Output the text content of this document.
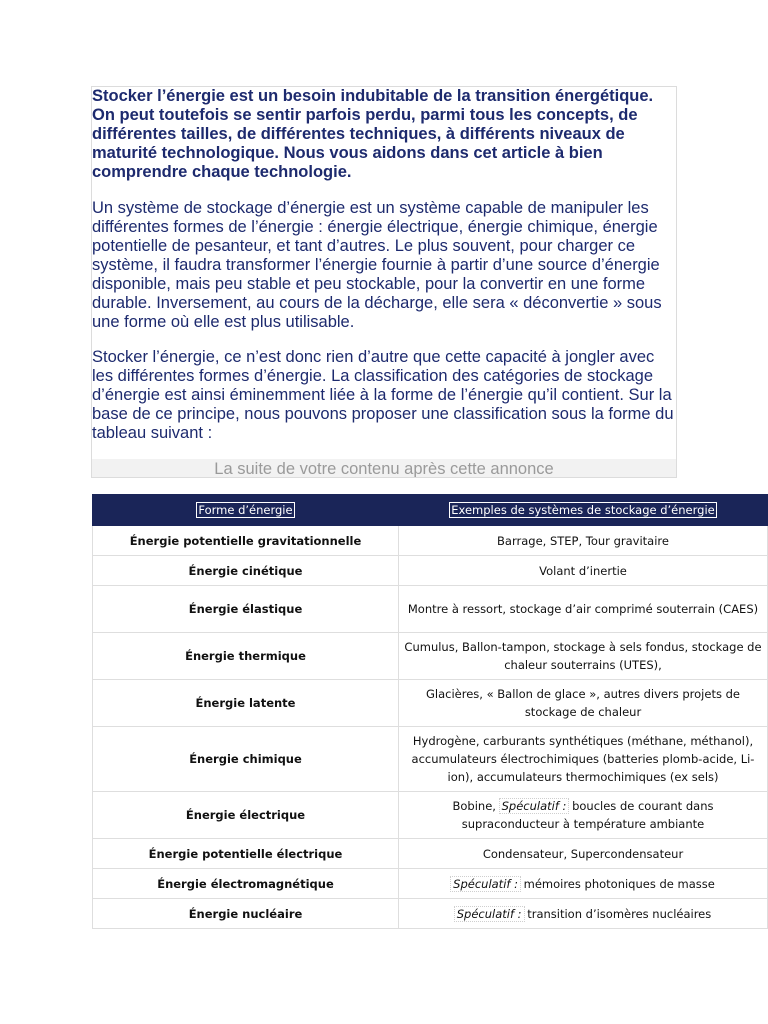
Stocker l’énergie est un besoin indubitable de la transition énergétique. On peut toutefois se sentir parfois perdu, parmi tous les concepts, de différentes tailles, de différentes techniques, à différents niveaux de maturité technologique. Nous vous aidons dans cet article à bien comprendre chaque technologie.

Un système de stockage d’énergie est un système capable de manipuler les différentes formes de l’énergie : énergie électrique, énergie chimique, énergie potentielle de pesanteur, et tant d’autres. Le plus souvent, pour charger ce système, il faudra transformer l’énergie fournie à partir d’une source d’énergie disponible, mais peu stable et peu stockable, pour la convertir en une forme durable. Inversement, au cours de la décharge, elle sera « déconvertie » sous une forme où elle est plus utilisable.

Stocker l’énergie, ce n’est donc rien d’autre que cette capacité à jongler avec les différentes formes d’énergie. La classification des catégories de stockage d’énergie est ainsi éminemment liée à la forme de l’énergie qu’il contient. Sur la base de ce principe, nous pouvons proposer une classification sous la forme du tableau suivant :

La suite de votre contenu après cette annonce
Forme d’énergie	Exemples de systèmes de stockage d’énergie
Énergie potentielle gravitationnelle	Barrage, STEP, Tour gravitaire
Énergie cinétique	Volant d’inertie
Énergie élastique	Montre à ressort, stockage d’air comprimé souterrain (CAES)

Énergie thermique	Cumulus, Ballon-tampon, stockage à sels fondus, stockage de chaleur souterrains (UTES),

Énergie latente	Glacières, « Ballon de glace », autres divers projets de stockage de chaleur

Énergie chimique	Hydrogène, carburants synthétiques (méthane, méthanol), accumulateurs électrochimiques (batteries plomb-acide, Li-ion), accumulateurs thermochimiques (ex sels)

Énergie électrique	Bobine, Spéculatif : boucles de courant dans supraconducteur à température ambiante

Énergie potentielle électrique	Condensateur, Supercondensateur
Énergie électromagnétique	Spéculatif : mémoires photoniques de masse
Énergie nucléaire	Spéculatif : transition d’isomères nucléaires
